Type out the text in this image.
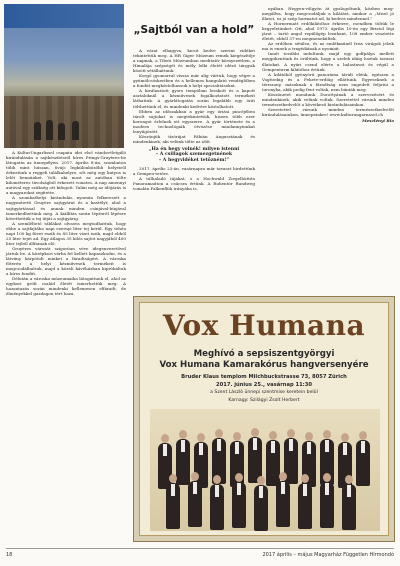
„Sajtból van a hold”

A KulturUngarlissel csapata idei első vándoréletgáló kirándulásán a sajtkészítésről híres Prings-Gruyères-be látogatta az ünnepélyen. 2017. április 8-án, szombaton több mint húszan, Svájc legkülönbözőbb helyeiről érkeztünk a reggeli találkahelyre, sőt még egy kutyus is lelőt bennünket. Volt, aki most az autóban tölte kilométeres távolságból érkezett vonatra. A nap amennyi autóval egy szükség ott kifogott. Talán még az időjárás is a magyarokat segítette.

A szombathelyi kirándulás nyomán felkeresett a nagyméretű Gruyère sajtgyárat és a kastélyt; ahol a sajtgyártással és annak minden csínjával-bínjával ismerkedhettünk meg. A kiállítás során lépésről lépésre követhettük a tej útját a sajtgyárig.

A szemléltető táblákat olvasva megtudhattuk, hogy ebbe a sajtfajtába napi ezernyi liter tej kerül. Egy tehén napi 100 kg füvet eszik és 85 liter vizet iszik, majd ebből 25 liter tejet ad. Egy átlagos 35 kilós sajtot nagyjából 400 liter tejből állítanak elő.

Gruyères városát szigorúan véve idegenvezetővel jártuk be. A középkori várba fel kellett kapaszkodni, és a látvány kárpótolt minket a fáradtságért. A városka főterén a helyi kézművesek termékeit is megcsodálhattuk, majd a közeli kávéházban kipróbáltuk a híres fondüt.

Délután a városka múzeumaiba látogattunk el, ahol az egykori grófi család életét ismerhettük meg. A hazautazás során mindenki kellemesen elfáradt, de élményekkel gazdagon tért haza.

A várat elhagyva, kicsit kedve szerint vidéket tekintettük meg. A HR Giger Múzeum remek kiegészítője a napnak, a Tibeti Múzeumban meditatív környezetben, a Himalája szépségét és mély lelki életét idéző tárgyak között sétálhattunk.

Korgó gyomorral vissza már alig vártuk, hogy végre a gyümölcsöskertben és a kellemes hangulatú vendéglőben a fondüt megkóstolhassuk a helyi specialitásokat.

A kiválasztott gyors tempóban lerakott és a kapott asztaloknál a kézművesek fogalkoztatott termékeit láthattuk. A gyárlátogatás során legalább egy órát tölthettünk el, és mindenki kedvére kóstolhatott.

Ebben az időszakban a gyár egy óriási pincéjében tárolt sajtokat is megtekintettük, hiszen több ezer korongot érlelnek ott egyszerre. A gyár története és a modern technológiák ötvözése mindannyiunkat lenyűgözött.

Köszönjük tízórájat Fábián Augusztának és mindenkinek, aki velünk tölte az időt.

„Ha én hegy volnék! milyen istenni
– A csillagok szemezgetnének
– A hegyvidéket tetőzném!”

2017. április 23-án, vasárnapra már tavaszt hirdettünk a Gempen-tetőre.

A túlhaladó tájakat, s a Hochwald Ziegelhüttén Panoramaúton a csúcsra értünk. A Ruhentör Rundweg vonalán Falkenflüh irányába is.

nyában. Hegyen-völgyön át gyalogoltunk, közben meg-megállva, hogy megcsodáljuk a kilátást, amikor a „Mező jó illatot, ez jó szép harmatot ad, ki kedves mindennel.”

A Hornermatt erdőkilátóhoz érkezve, csendben töltük le kegyeletünket. Ott, ahol 1973. április 10-én egy Bristol légi járat – tartó angol repülőgép lezuhant, 108 ember vesztette életét, ebből 37-en megmenekültek.

Az erdőben sétálva, és az emlékműnél friss virágok jelzik ma is ennek a tragédiának a nyomait.

Innét további indultunk, majd egy golfpálya mellett megpihentünk és örültünk, hogy a szelek idáig hoztak tavaszi illatokat. A nyári csend elérte a halastavat és végül a Gempenturm kilátóhoz értünk.

A kilátóból gyönyörű panoráma tárult elénk, egészen a Vogézekig és a Fekete-erdőig elláttunk. Egyeseknek a tériszony, másoknak a fáradtság nem engedett feljutni a toronyba, akik pedig fent voltak, nem bánták meg.

Köszönetet mondunk Dorottyának a szervezésért és mindenkinek, akik velünk voltak. Szeretettel várunk minden természetkedvelőt a következő kirándulásainkon.

Szeretettel várunk minden természetkedvelőt kirándulásainkon, ünnepeinkre! www.kulturungarnasel.ch

Meszlényi Ria
Vox Humana
Meghívó a sepsiszentgyörgyi
Vox Humana Kamarakórus hangversenyére
Bruder Klaus templom Milchbuckstrasse 73, 8057 Zürich
2017. június 25., vasárnap 11:30
a Szent László ünnepi szentmise keretein belül
Karnagy: Szilágyi Zsolt Herbert
18	2017 április – május Magyarház Független Hírmondó
